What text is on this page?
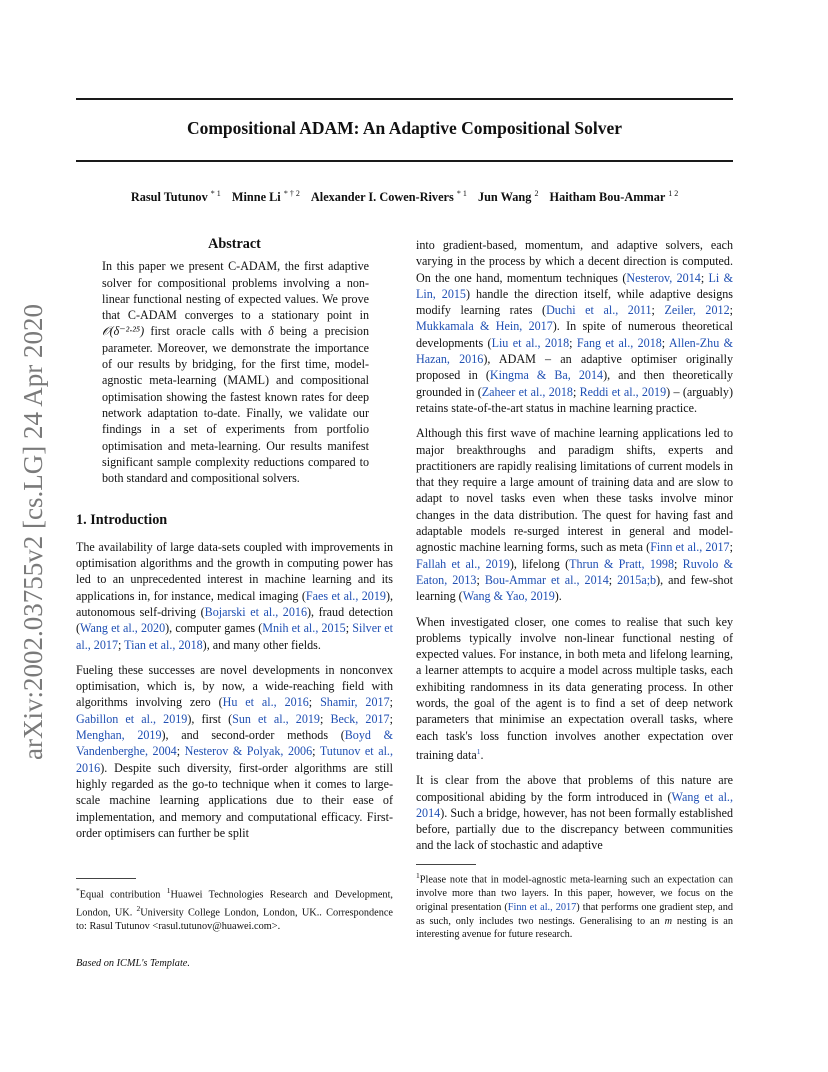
Compositional ADAM: An Adaptive Compositional Solver
Rasul Tutunov $^{* 1}$ Minne Li $^{* \dagger 2}$ Alexander I. Cowen-Rivers $^{* 1}$ Jun Wang $^2$ Haitham Bou-Ammar $^{1 2}$
arXiv:2002.03755v2 [cs.LG] 24 Apr 2020
Abstract
In this paper we present C-ADAM, the first adaptive solver for compositional problems involving a non-linear functional nesting of expected values. We prove that C-ADAM converges to a stationary point in 𝒪(δ⁻²·²⁵) first oracle calls with δ being a precision parameter. Moreover, we demonstrate the importance of our results by bridging, for the first time, model-agnostic meta-learning (MAML) and compositional optimisation showing the fastest known rates for deep network adaptation to-date. Finally, we validate our findings in a set of experiments from portfolio optimisation and meta-learning. Our results manifest significant sample complexity reductions compared to both standard and compositional solvers.
1. Introduction

The availability of large data-sets coupled with improvements in optimisation algorithms and the growth in computing power has led to an unprecedented interest in machine learning and its applications in, for instance, medical imaging (Faes et al., 2019), autonomous self-driving (Bojarski et al., 2016), fraud detection (Wang et al., 2020), computer games (Mnih et al., 2015; Silver et al., 2017; Tian et al., 2018), and many other fields.

Fueling these successes are novel developments in nonconvex optimisation, which is, by now, a wide-reaching field with algorithms involving zero (Hu et al., 2016; Shamir, 2017; Gabillon et al., 2019), first (Sun et al., 2019; Beck, 2017; Menghan, 2019), and second-order methods (Boyd & Vandenberghe, 2004; Nesterov & Polyak, 2006; Tutunov et al., 2016). Despite such diversity, first-order algorithms are still highly regarded as the go-to technique when it comes to large-scale machine learning applications due to their ease of implementation, and memory and computational efficacy. First-order optimisers can further be split

into gradient-based, momentum, and adaptive solvers, each varying in the process by which a decent direction is computed. On the one hand, momentum techniques (Nesterov, 2014; Li & Lin, 2015) handle the direction itself, while adaptive designs modify learning rates (Duchi et al., 2011; Zeiler, 2012; Mukkamala & Hein, 2017). In spite of numerous theoretical developments (Liu et al., 2018; Fang et al., 2018; Allen-Zhu & Hazan, 2016), ADAM – an adaptive optimiser originally proposed in (Kingma & Ba, 2014), and then theoretically grounded in (Zaheer et al., 2018; Reddi et al., 2019) – (arguably) retains state-of-the-art status in machine learning practice.

Although this first wave of machine learning applications led to major breakthroughs and paradigm shifts, experts and practitioners are rapidly realising limitations of current models in that they require a large amount of training data and are slow to adapt to novel tasks even when these tasks involve minor changes in the data distribution. The quest for having fast and adaptable models re-surged interest in general and model-agnostic machine learning forms, such as meta (Finn et al., 2017; Fallah et al., 2019), lifelong (Thrun & Pratt, 1998; Ruvolo & Eaton, 2013; Bou-Ammar et al., 2014; 2015a;b), and few-shot learning (Wang & Yao, 2019).

When investigated closer, one comes to realise that such key problems typically involve non-linear functional nesting of expected values. For instance, in both meta and lifelong learning, a learner attempts to acquire a model across multiple tasks, each exhibiting randomness in its data generating process. In other words, the goal of the agent is to find a set of deep network parameters that minimise an expectation overall tasks, where each task's loss function involves another expectation over training data$^1$.

It is clear from the above that problems of this nature are compositional abiding by the form introduced in (Wang et al., 2014). Such a bridge, however, has not been formally established before, partially due to the discrepancy between communities and the lack of stochastic and adaptive

*Equal contribution $^1$Huawei Technologies Research and Development, London, UK. $^2$University College London, London, UK.. Correspondence to: Rasul Tutunov <rasul.tutunov@huawei.com>.
Based on ICML's Template.
$^1$Please note that in model-agnostic meta-learning such an expectation can involve more than two layers. In this paper, however, we focus on the original presentation (Finn et al., 2017) that performs one gradient step, and as such, only includes two nestings. Generalising to an m nesting is an interesting avenue for future research.
